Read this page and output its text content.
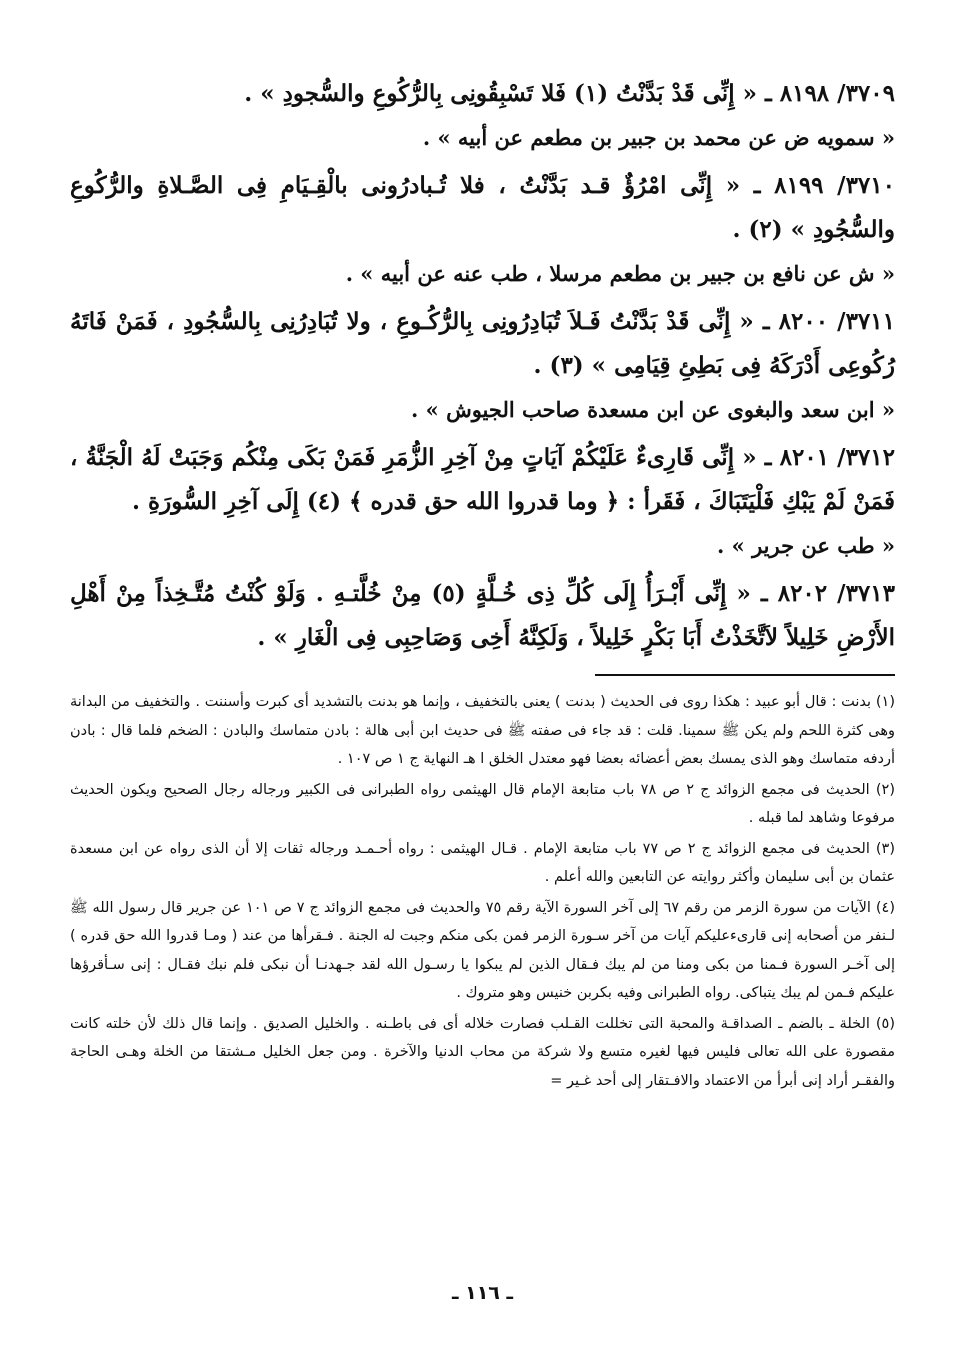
٣٧٠٩/ ٨١٩٨ ـ « إِنِّى قَدْ بَدَّنْتُ (١) فَلا تَسْبِقُونِى بِالرُّكُوعِ والسُّجودِ » .

« سمويه ض عن محمد بن جبير بن مطعم عن أبيه » .

٣٧١٠/ ٨١٩٩ ـ « إِنِّى امْرُؤٌ قـد بَدَّنْتُ ، فلا تُـبادرُونى بالْقِـيَامِ فِى الصَّـلاةِ والرُّكُوعِ والسُّجُودِ » (٢) .

« ش عن نافع بن جبير بن مطعم مرسلا ، طب عنه عن أبيه » .

٣٧١١/ ٨٢٠٠ ـ « إِنِّى قَدْ بَدَّنْتُ فَـلاَ تُبَادِرُونِى بِالرُّكُـوعِ ، ولا تُبَادِرُنِى بِالسُّجُودِ ، فَمَنْ فَاتَهُ رُكُوعِى أَدْرَكَهُ فِى بَطِئِ قِيَامِى » (٣) .

« ابن سعد والبغوى عن ابن مسعدة صاحب الجيوش » .

٣٧١٢/ ٨٢٠١ ـ « إِنِّى قَارِىءٌ عَلَيْكُمْ آيَاتٍ مِنْ آخِرِ الزُّمَرِ فَمَنْ بَكَى مِنْكُم وَجَبَتْ لَهُ الْجَنَّةُ ، فَمَنْ لَمْ يَبْكِ فَلْيَتَبَاكَ ، فَقَرأ : ﴿ وما قدروا الله حق قدره ﴾ (٤) إِلَى آخِرِ السُّورَةِ .

« طب عن جرير » .

٣٧١٣/ ٨٢٠٢ ـ « إِنِّى أَبْـرَأُ إِلَى كُلِّ ذِى خُـلَّةٍ (٥) مِنْ خُلَّتـهِ . وَلَوْ كُنْتُ مُتَّـخِذاً مِنْ أَهْلِ الأَرْضِ خَلِيلاً لاَتَّخَذْتُ أَبَا بَكْرٍ خَلِيلاً ، وَلَكِنَّهُ أَخِى وَصَاحِبِى فِى الْغَارِ » .

(١) بدنت : قال أبو عبيد : هكذا روى فى الحديث ( بدنت ) يعنى بالتخفيف ، وإنما هو بدنت بالتشديد أى كبرت وأسننت . والتخفيف من البدانة وهى كثرة اللحم ولم يكن ﷺ سمينا. قلت : قد جاء فى صفته ﷺ فى حديث ابن أبى هالة : بادن متماسك والبادن : الضخم فلما قال : بادن أردفه متماسك وهو الذى يمسك بعض أعضائه بعضا فهو معتدل الخلق ا هـ النهاية ج ١ ص ١٠٧ .

(٢) الحديث فى مجمع الزوائد ج ٢ ص ٧٨ باب متابعة الإمام قال الهيثمى رواه الطبرانى فى الكبير ورجاله رجال الصحيح ويكون الحديث مرفوعا وشاهد لما قبله .

(٣) الحديث فى مجمع الزوائد ج ٢ ص ٧٧ باب متابعة الإمام . قـال الهيثمى : رواه أحـمـد ورجاله ثقات إلا أن الذى رواه عن ابن مسعدة عثمان بن أبى سليمان وأكثر روايته عن التابعين والله أعلم .

(٤) الآيات من سورة الزمر من رقم ٦٧ إلى آخر السورة الآية رقم ٧٥ والحديث فى مجمع الزوائد ج ٧ ص ١٠١ عن جرير قال رسول الله ﷺ لـنفر من أصحابه إنى قارىءعليكم آيات من آخر سـورة الزمر فمن بكى منكم وجبت له الجنة . فـقرأها من عند ( ومـا قدروا الله حق قدره ) إلى آخـر السورة فـمنا من بكى ومنا من لم يبك فـقال الذين لم يبكوا يا رسـول الله لقد جـهدنـا أن نبكى فلم نبك فقـال : إنى سـأقرؤها عليكم فـمن لم يبك يتباكى. رواه الطبرانى وفيه بكربن خنيس وهو متروك .

(٥) الخلة ـ بالضم ـ الصداقـة والمحبة التى تخللت القـلب فصارت خلاله أى فى باطـنه . والخليل الصديق . وإنما قال ذلك لأن خلته كانت مقصورة على الله تعالى فليس فيها لغيره متسع ولا شركة من محاب الدنيا والآخرة . ومن جعل الخليل مـشتقا من الخلة وهـى الحاجة والفقـر أراد إنى أبرأ من الاعتماد والافـتقار إلى أحد غـير =

ـ ١١٦ ـ
